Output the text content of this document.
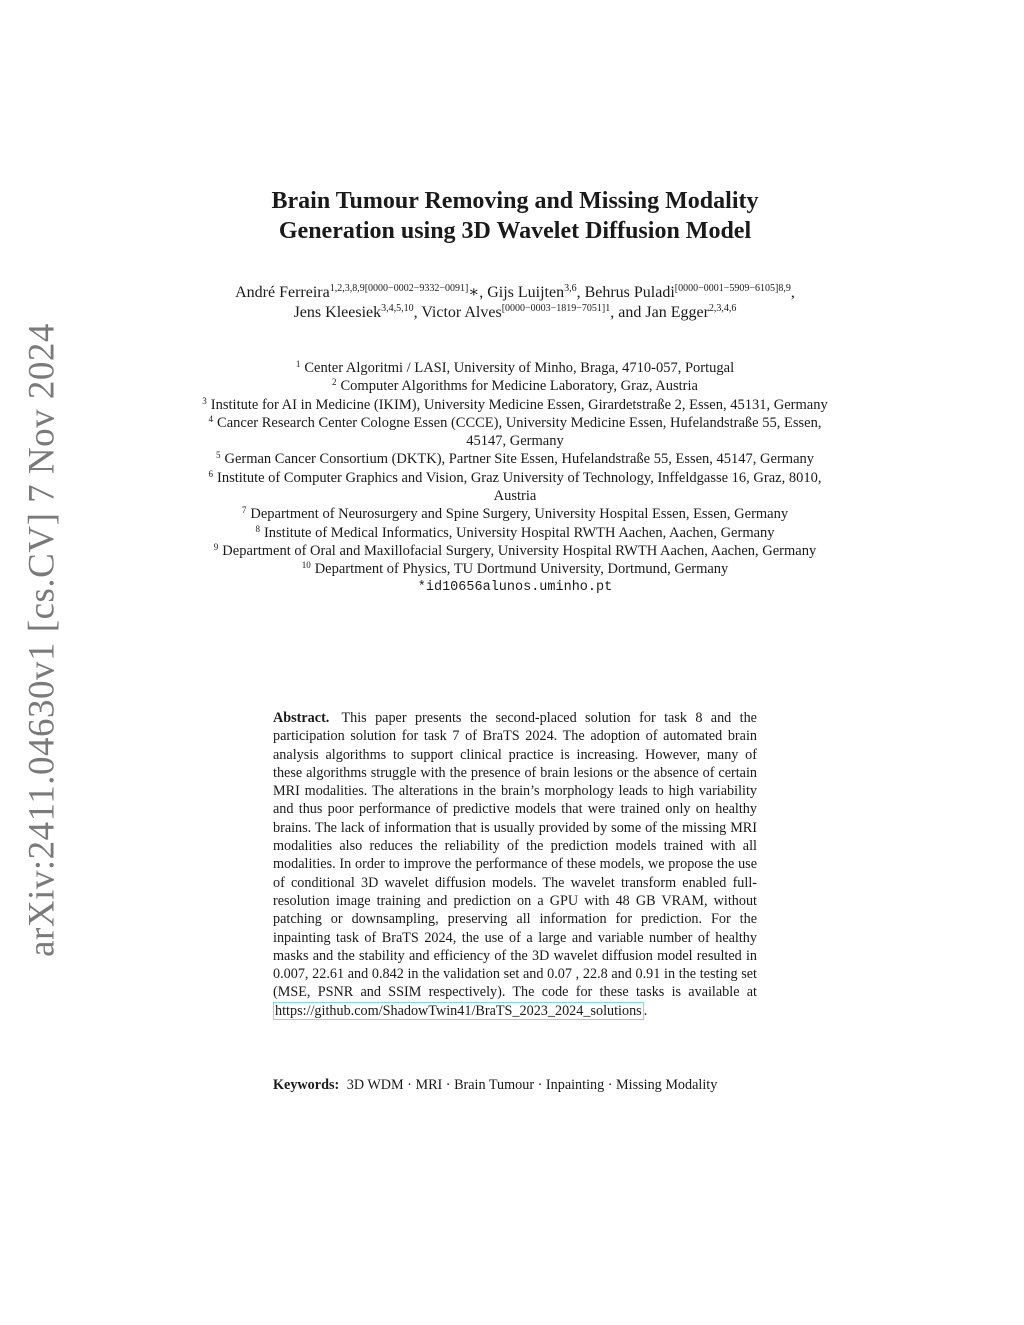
arXiv:2411.04630v1 [cs.CV] 7 Nov 2024
Brain Tumour Removing and Missing Modality
Generation using 3D Wavelet Diffusion Model
André Ferreira$^{1,2,3,8,9[0000-0002-9332-0091]}$∗, Gijs Luijten$^{3,6}$, Behrus Puladi$^{[0000-0001-5909-6105]8,9}$, Jens Kleesiek$^{3,4,5,10}$, Victor Alves$^{[0000-0003-1819-7051]1}$, and Jan Egger$^{2,3,4,6}$
$^1$ Center Algoritmi / LASI, University of Minho, Braga, 4710-057, Portugal
$^2$ Computer Algorithms for Medicine Laboratory, Graz, Austria
$^3$ Institute for AI in Medicine (IKIM), University Medicine Essen, Girardetstraße 2, Essen, 45131, Germany
$^4$ Cancer Research Center Cologne Essen (CCCE), University Medicine Essen, Hufelandstraße 55, Essen, 45147, Germany
$^5$ German Cancer Consortium (DKTK), Partner Site Essen, Hufelandstraße 55, Essen, 45147, Germany
$^6$ Institute of Computer Graphics and Vision, Graz University of Technology, Inffeldgasse 16, Graz, 8010, Austria
$^7$ Department of Neurosurgery and Spine Surgery, University Hospital Essen, Essen, Germany
$^8$ Institute of Medical Informatics, University Hospital RWTH Aachen, Aachen, Germany
$^9$ Department of Oral and Maxillofacial Surgery, University Hospital RWTH Aachen, Aachen, Germany
$^{10}$ Department of Physics, TU Dortmund University, Dortmund, Germany
*id10656alunos.uminho.pt
Abstract. This paper presents the second-placed solution for task 8 and the participation solution for task 7 of BraTS 2024. The adoption of automated brain analysis algorithms to support clinical practice is increasing. However, many of these algorithms struggle with the presence of brain lesions or the absence of certain MRI modalities. The alterations in the brain’s morphology leads to high variability and thus poor performance of predictive models that were trained only on healthy brains. The lack of information that is usually provided by some of the missing MRI modalities also reduces the reliability of the prediction models trained with all modalities. In order to improve the performance of these models, we propose the use of conditional 3D wavelet diffusion models. The wavelet transform enabled full-resolution image training and prediction on a GPU with 48 GB VRAM, without patching or downsampling, preserving all information for prediction. For the inpainting task of BraTS 2024, the use of a large and variable number of healthy masks and the stability and efficiency of the 3D wavelet diffusion model resulted in 0.007, 22.61 and 0.842 in the validation set and 0.07 , 22.8 and 0.91 in the testing set (MSE, PSNR and SSIM respectively). The code for these tasks is available at https://github.com/ShadowTwin41/BraTS_2023_2024_solutions .
Keywords: 3D WDM · MRI · Brain Tumour · Inpainting · Missing Modality
